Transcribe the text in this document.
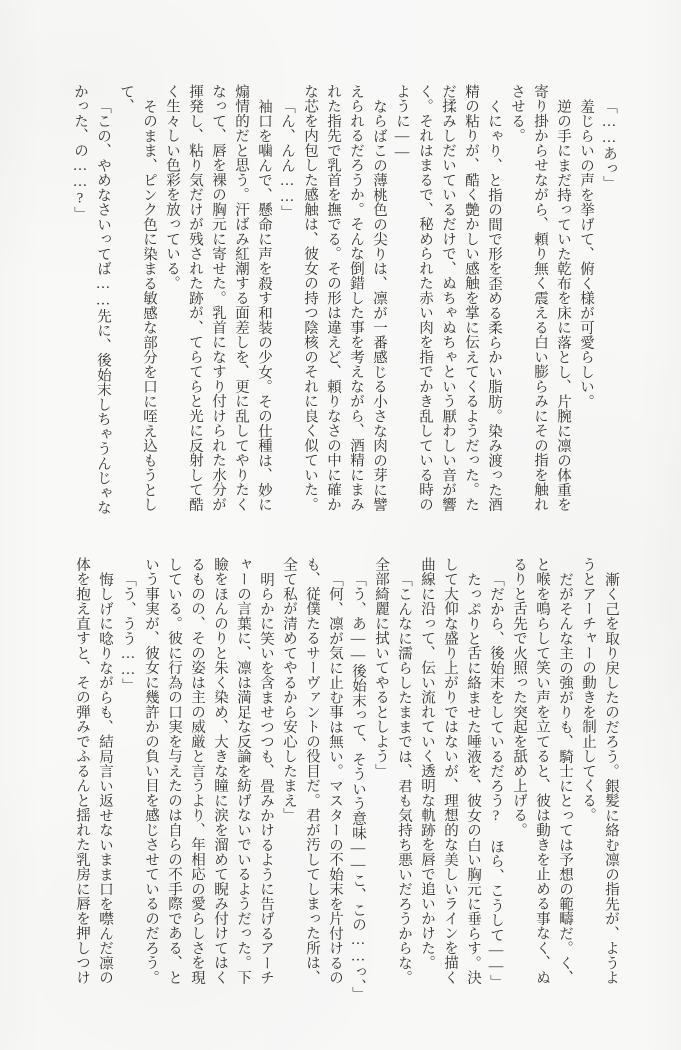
「……あっ」
羞じらいの声を挙げて、俯く様が可愛らしい。
逆の手にまだ持っていた乾布を床に落とし、片腕に凛の体重を
寄り掛からせながら、頼り無く震える白い膨らみにその指を触れ
させる。
くにゃり、と指の間で形を歪める柔らかい脂肪。染み渡った酒
精の粘りが、酷く艶かしい感触を掌に伝えてくるようだった。た
だ揉みしだいているだけで、ぬちゃぬちゃという厭わしい音が響
く。それはまるで、秘められた赤い肉を指でかき乱している時の
ように――
ならばこの薄桃色の尖りは、凛が一番感じる小さな肉の芽に譬
えられるだろうか。そんな倒錯した事を考えながら、酒精にまみ
れた指先で乳首を撫でる。その形は違えど、頼りなさの中に確か
な芯を内包した感触は、彼女の持つ陰核のそれに良く似ていた。
「ん、んん……」
袖口を噛んで、懸命に声を殺す和装の少女。その仕種は、妙に
煽情的だと思う。汗ばみ紅潮する面差しを、更に乱してやりたく
なって、唇を裸の胸元に寄せた。乳首になすり付けられた水分が
揮発し、粘り気だけが残された跡が、てらてらと光に反射して酷
く生々しい色彩を放っている。
そのまま、ピンク色に染まる敏感な部分を口に咥え込もうとし
て、
「この、やめなさいってば……先に、後始末しちゃうんじゃな
かった、の……?」
漸く己を取り戻したのだろう。銀髪に絡む凛の指先が、ようよ
うとアーチャーの動きを制止してくる。
だがそんな主の強がりも、騎士にとっては予想の範疇だ。く、
と喉を鳴らして笑い声を立てると、彼は動きを止める事なく、ぬ
るりと舌先で火照った突起を舐め上げる。
「だから、後始末をしているだろう?　ほら、こうして――」
たっぷりと舌に絡ませた唾液を、彼女の白い胸元に垂らす。決
して大仰な盛り上がりではないが、理想的な美しいラインを描く
曲線に沿って、伝い流れていく透明な軌跡を唇で追いかけた。
「こんなに濡らしたままでは、君も気持ち悪いだろうからな。
全部綺麗に拭いてやるとしよう」
「う、あ――後始末って、そういう意味――こ、この……っ、」
「何、凛が気に止む事は無い。マスターの不始末を片付けるの
も、従僕たるサーヴァントの役目だ。君が汚してしまった所は、
全て私が清めてやるから安心したまえ」
明らかに笑いを含ませつつも、畳みかけるように告げるアーチ
ャーの言葉に、凛は満足な反論を紡げないでいるようだった。下
瞼をほんのりと朱く染め、大きな瞳に涙を溜めて睨み付けてはく
るものの、その姿は主の威厳と言うより、年相応の愛らしさを現
している。彼に行為の口実を与えたのは自らの不手際である、と
いう事実が、彼女に幾許かの負い目を感じさせているのだろう。
「う、うう……」
悔しげに唸りながらも、結局言い返せないまま口を噤んだ凛の
体を抱え直すと、その弾みでふるんと揺れた乳房に唇を押しつけ
